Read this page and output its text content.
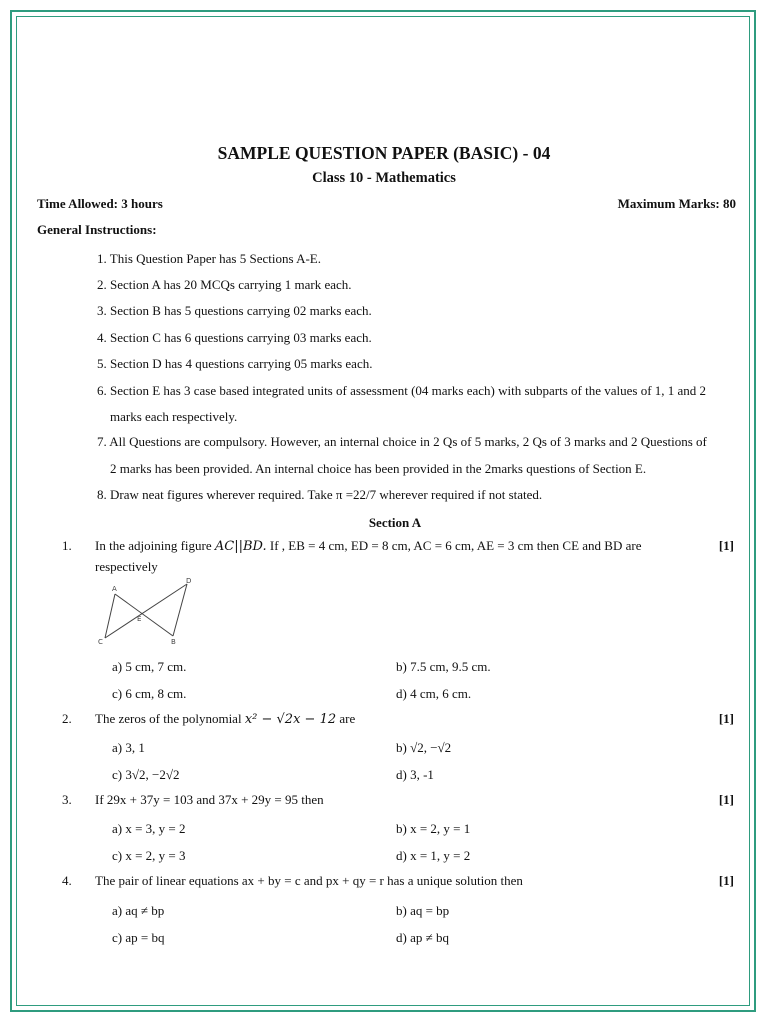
SAMPLE QUESTION PAPER (BASIC) - 04
Class 10 - Mathematics
Time Allowed: 3 hours	Maximum Marks: 80
General Instructions:
1. This Question Paper has 5 Sections A-E.
2. Section A has 20 MCQs carrying 1 mark each.
3. Section B has 5 questions carrying 02 marks each.
4. Section C has 6 questions carrying 03 marks each.
5. Section D has 4 questions carrying 05 marks each.
6. Section E has 3 case based integrated units of assessment (04 marks each) with subparts of the values of 1, 1 and 2
marks each respectively.
7. All Questions are compulsory. However, an internal choice in 2 Qs of 5 marks, 2 Qs of 3 marks and 2 Questions of
2 marks has been provided. An internal choice has been provided in the 2marks questions of Section E.
8. Draw neat figures wherever required. Take π =22/7 wherever required if not stated.
Section A
1. In the adjoining figure AC||BD. If , EB = 4 cm, ED = 8 cm, AC = 6 cm, AE = 3 cm then CE and BD are
respectively
[1]
A
D
E
C	B
a) 5 cm, 7 cm.	b) 7.5 cm, 9.5 cm.
c) 6 cm, 8 cm.	d) 4 cm, 6 cm.
2. The zeros of the polynomial x² − √2x − 12 are	[1]
a) 3, 1	b) √2, −√2
c) 3√2, −2√2	d) 3, -1
3. If 29x + 37y = 103 and 37x + 29y = 95 then	[1]
a) x = 3, y = 2	b) x = 2, y = 1
c) x = 2, y = 3	d) x = 1, y = 2
4. The pair of linear equations ax + by = c and px + qy = r has a unique solution then	[1]
a) aq ≠ bp	b) aq = bp
c) ap = bq	d) ap ≠ bq
